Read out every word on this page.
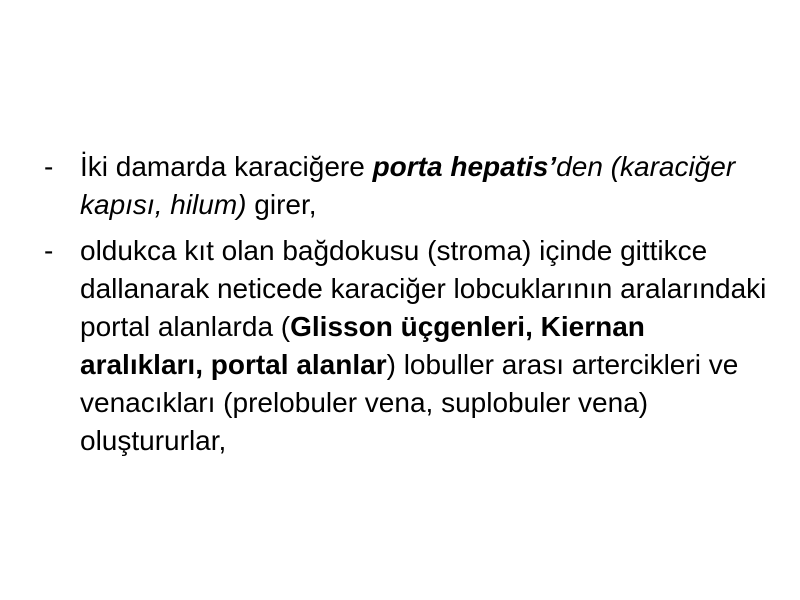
- İki damarda karaciğere porta hepatis’den (karaciğer kapısı, hilum) girer,
- oldukca kıt olan bağdokusu (stroma) içinde gittikce dallanarak neticede karaciğer lobcuklarının aralarındaki portal alanlarda (Glisson üçgenleri, Kiernan aralıkları, portal alanlar) lobuller arası artercikleri ve venacıkları (prelobuler vena, suplobuler vena) oluştururlar,
